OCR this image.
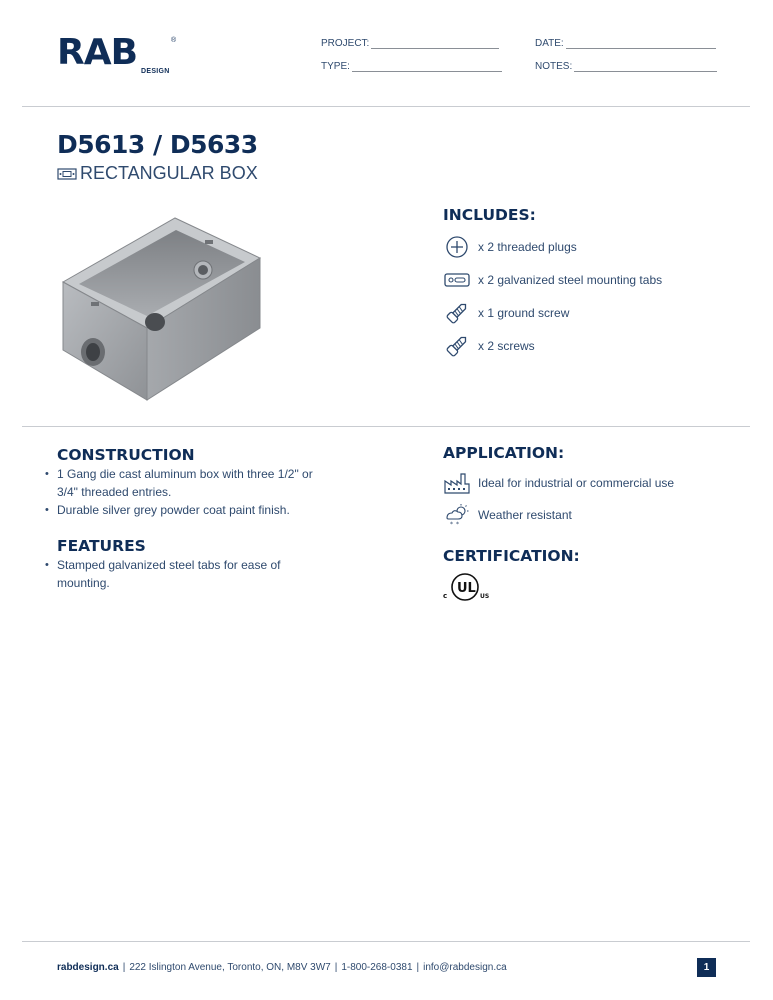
RAB	®
DESIGN
PROJECT:	DATE:
TYPE:	NOTES:
D5613 / D5633
RECTANGULAR BOX
INCLUDES:
x 2 threaded plugs
x 2 galvanized steel mounting tabs
x 1 ground screw
x 2 screws
CONSTRUCTION
• 1 Gang die cast aluminum box with three 1/2" or 3/4" threaded entries.
• Durable silver grey powder coat paint finish.
FEATURES
• Stamped galvanized steel tabs for ease of mounting.
APPLICATION:
Ideal for industrial or commercial use
* *
Weather resistant
CERTIFICATION:
UL
c	US
rabdesign.ca | 222 Islington Avenue, Toronto, ON, M8V 3W7 | 1-800-268-0381 | info@rabdesign.ca	1
